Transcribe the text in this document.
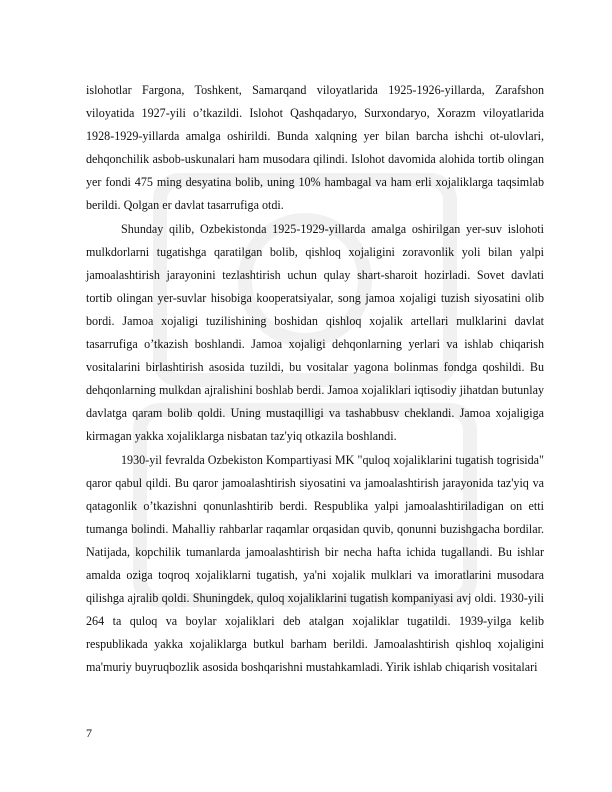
islohotlar Fargona, Toshkent, Samarqand viloyatlarida 1925-1926-yillarda, Zarafshon viloyatida 1927-yili o’tkazildi. Islohot Qashqadaryo, Surxondaryo, Xorazm viloyatlarida 1928-1929-yillarda amalga oshirildi. Bunda xalqning yer bilan barcha ishchi ot-ulovlari, dehqonchilik asbob-uskunalari ham musodara qilindi. Islohot davomida alohida tortib olingan yer fondi 475 ming desyatina bolib, uning 10% hambagal va ham erli xojaliklarga taqsimlab berildi. Qolgan er davlat tasarrufiga otdi.

Shunday qilib, Ozbekistonda 1925-1929-yillarda amalga oshirilgan yer-suv islohoti mulkdorlarni tugatishga qaratilgan bolib, qishloq xojaligini zoravonlik yoli bilan yalpi jamoalashtirish jarayonini tezlashtirish uchun qulay shart-sharoit hozirladi. Sovet davlati tortib olingan yer-suvlar hisobiga kooperatsiyalar, song jamoa xojaligi tuzish siyosatini olib bordi. Jamoa xojaligi tuzilishining boshidan qishloq xojalik artellari mulklarini davlat tasarrufiga o’tkazish boshlandi. Jamoa xojaligi dehqonlarning yerlari va ishlab chiqarish vositalarini birlashtirish asosida tuzildi, bu vositalar yagona bolinmas fondga qoshildi. Bu dehqonlarning mulkdan ajralishini boshlab berdi. Jamoa xojaliklari iqtisodiy jihatdan butunlay davlatga qaram bolib qoldi. Uning mustaqilligi va tashabbusv cheklandi. Jamoa xojaligiga kirmagan yakka xojaliklarga nisbatan taz'yiq otkazila boshlandi.

1930-yil fevralda Ozbekiston Kompartiyasi MK "quloq xojaliklarini tugatish togrisida" qaror qabul qildi. Bu qaror jamoalashtirish siyosatini va jamoalashtirish jarayonida taz'yiq va qatagonlik o’tkazishni qonunlashtirib berdi. Respublika yalpi jamoalashtiriladigan on etti tumanga bolindi. Mahalliy rahbarlar raqamlar orqasidan quvib, qonunni buzishgacha bordilar. Natijada, kopchilik tumanlarda jamoalashtirish bir necha hafta ichida tugallandi. Bu ishlar amalda oziga toqroq xojaliklarni tugatish, ya'ni xojalik mulklari va imoratlarini musodara qilishga ajralib qoldi. Shuningdek, quloq xojaliklarini tugatish kompaniyasi avj oldi. 1930-yili 264 ta quloq va boylar xojaliklari deb atalgan xojaliklar tugatildi. 1939-yilga kelib respublikada yakka xojaliklarga butkul barham berildi. Jamoalashtirish qishloq xojaligini ma'muriy buyruqbozlik asosida boshqarishni mustahkamladi. Yirik ishlab chiqarish vositalari

7
